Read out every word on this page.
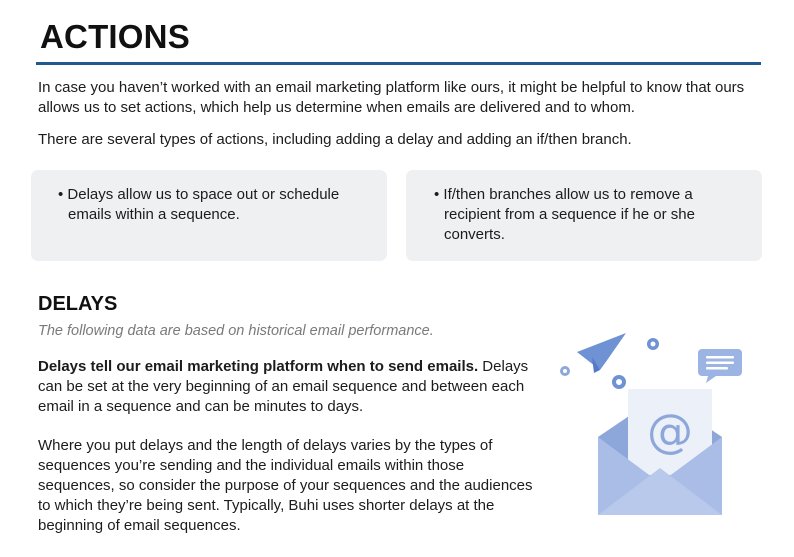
ACTIONS

In case you haven’t worked with an email marketing platform like ours, it might be helpful to know that ours allows us to set actions, which help us determine when emails are delivered and to whom.

There are several types of actions, including adding a delay and adding an if/then branch.

• Delays allow us to space out or schedule emails within a sequence.

• If/then branches allow us to remove a recipient from a sequence if he or she converts.

DELAYS

The following data are based on historical email performance.

Delays tell our email marketing platform when to send emails. Delays can be set at the very beginning of an email sequence and between each email in a sequence and can be minutes to days.

Where you put delays and the length of delays varies by the types of sequences you’re sending and the individual emails within those sequences, so consider the purpose of your sequences and the audiences to which they’re being sent. Typically, Buhi uses shorter delays at the beginning of email sequences.

@
